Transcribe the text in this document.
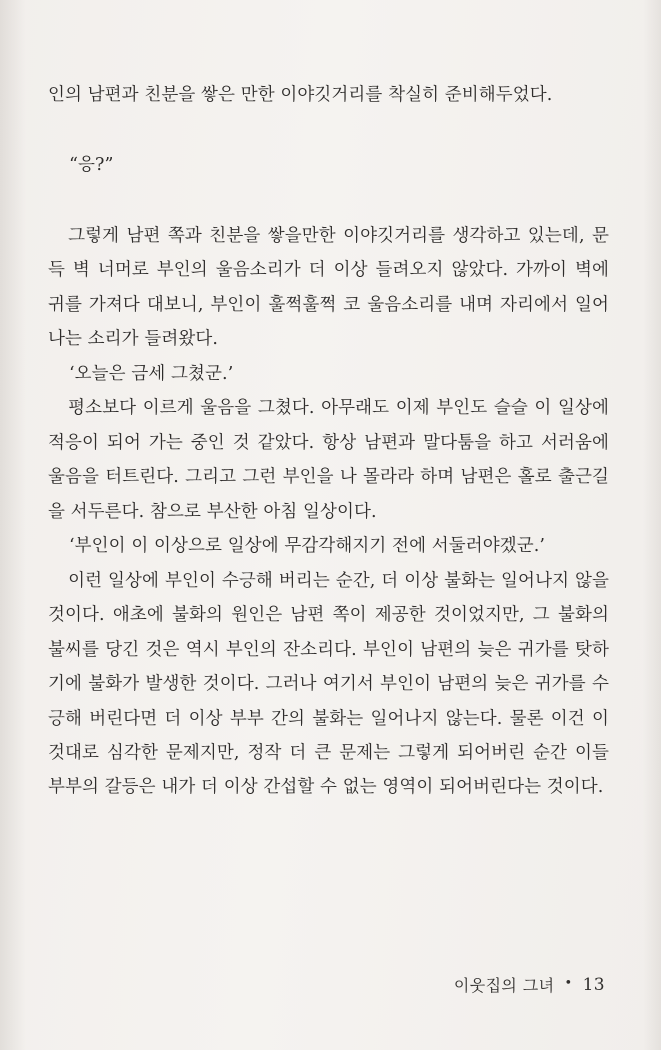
인의 남편과 친분을 쌓은 만한 이야깃거리를 착실히 준비해두었다.

“응?”

그렇게 남편 쪽과 친분을 쌓을만한 이야깃거리를 생각하고 있는데, 문득 벽 너머로 부인의 울음소리가 더 이상 들려오지 않았다. 가까이 벽에 귀를 가져다 대보니, 부인이 훌쩍훌쩍 코 울음소리를 내며 자리에서 일어나는 소리가 들려왔다.

‘오늘은 금세 그쳤군.’

평소보다 이르게 울음을 그쳤다. 아무래도 이제 부인도 슬슬 이 일상에 적응이 되어 가는 중인 것 같았다. 항상 남편과 말다툼을 하고 서러움에 울음을 터트린다. 그리고 그런 부인을 나 몰라라 하며 남편은 홀로 출근길을 서두른다. 참으로 부산한 아침 일상이다.

‘부인이 이 이상으로 일상에 무감각해지기 전에 서둘러야겠군.’

이런 일상에 부인이 수긍해 버리는 순간, 더 이상 불화는 일어나지 않을 것이다. 애초에 불화의 원인은 남편 쪽이 제공한 것이었지만, 그 불화의 불씨를 당긴 것은 역시 부인의 잔소리다. 부인이 남편의 늦은 귀가를 탓하기에 불화가 발생한 것이다. 그러나 여기서 부인이 남편의 늦은 귀가를 수긍해 버린다면 더 이상 부부 간의 불화는 일어나지 않는다. 물론 이건 이것대로 심각한 문제지만, 정작 더 큰 문제는 그렇게 되어버린 순간 이들 부부의 갈등은 내가 더 이상 간섭할 수 없는 영역이 되어버린다는 것이다.

이웃집의 그녀 • 13
